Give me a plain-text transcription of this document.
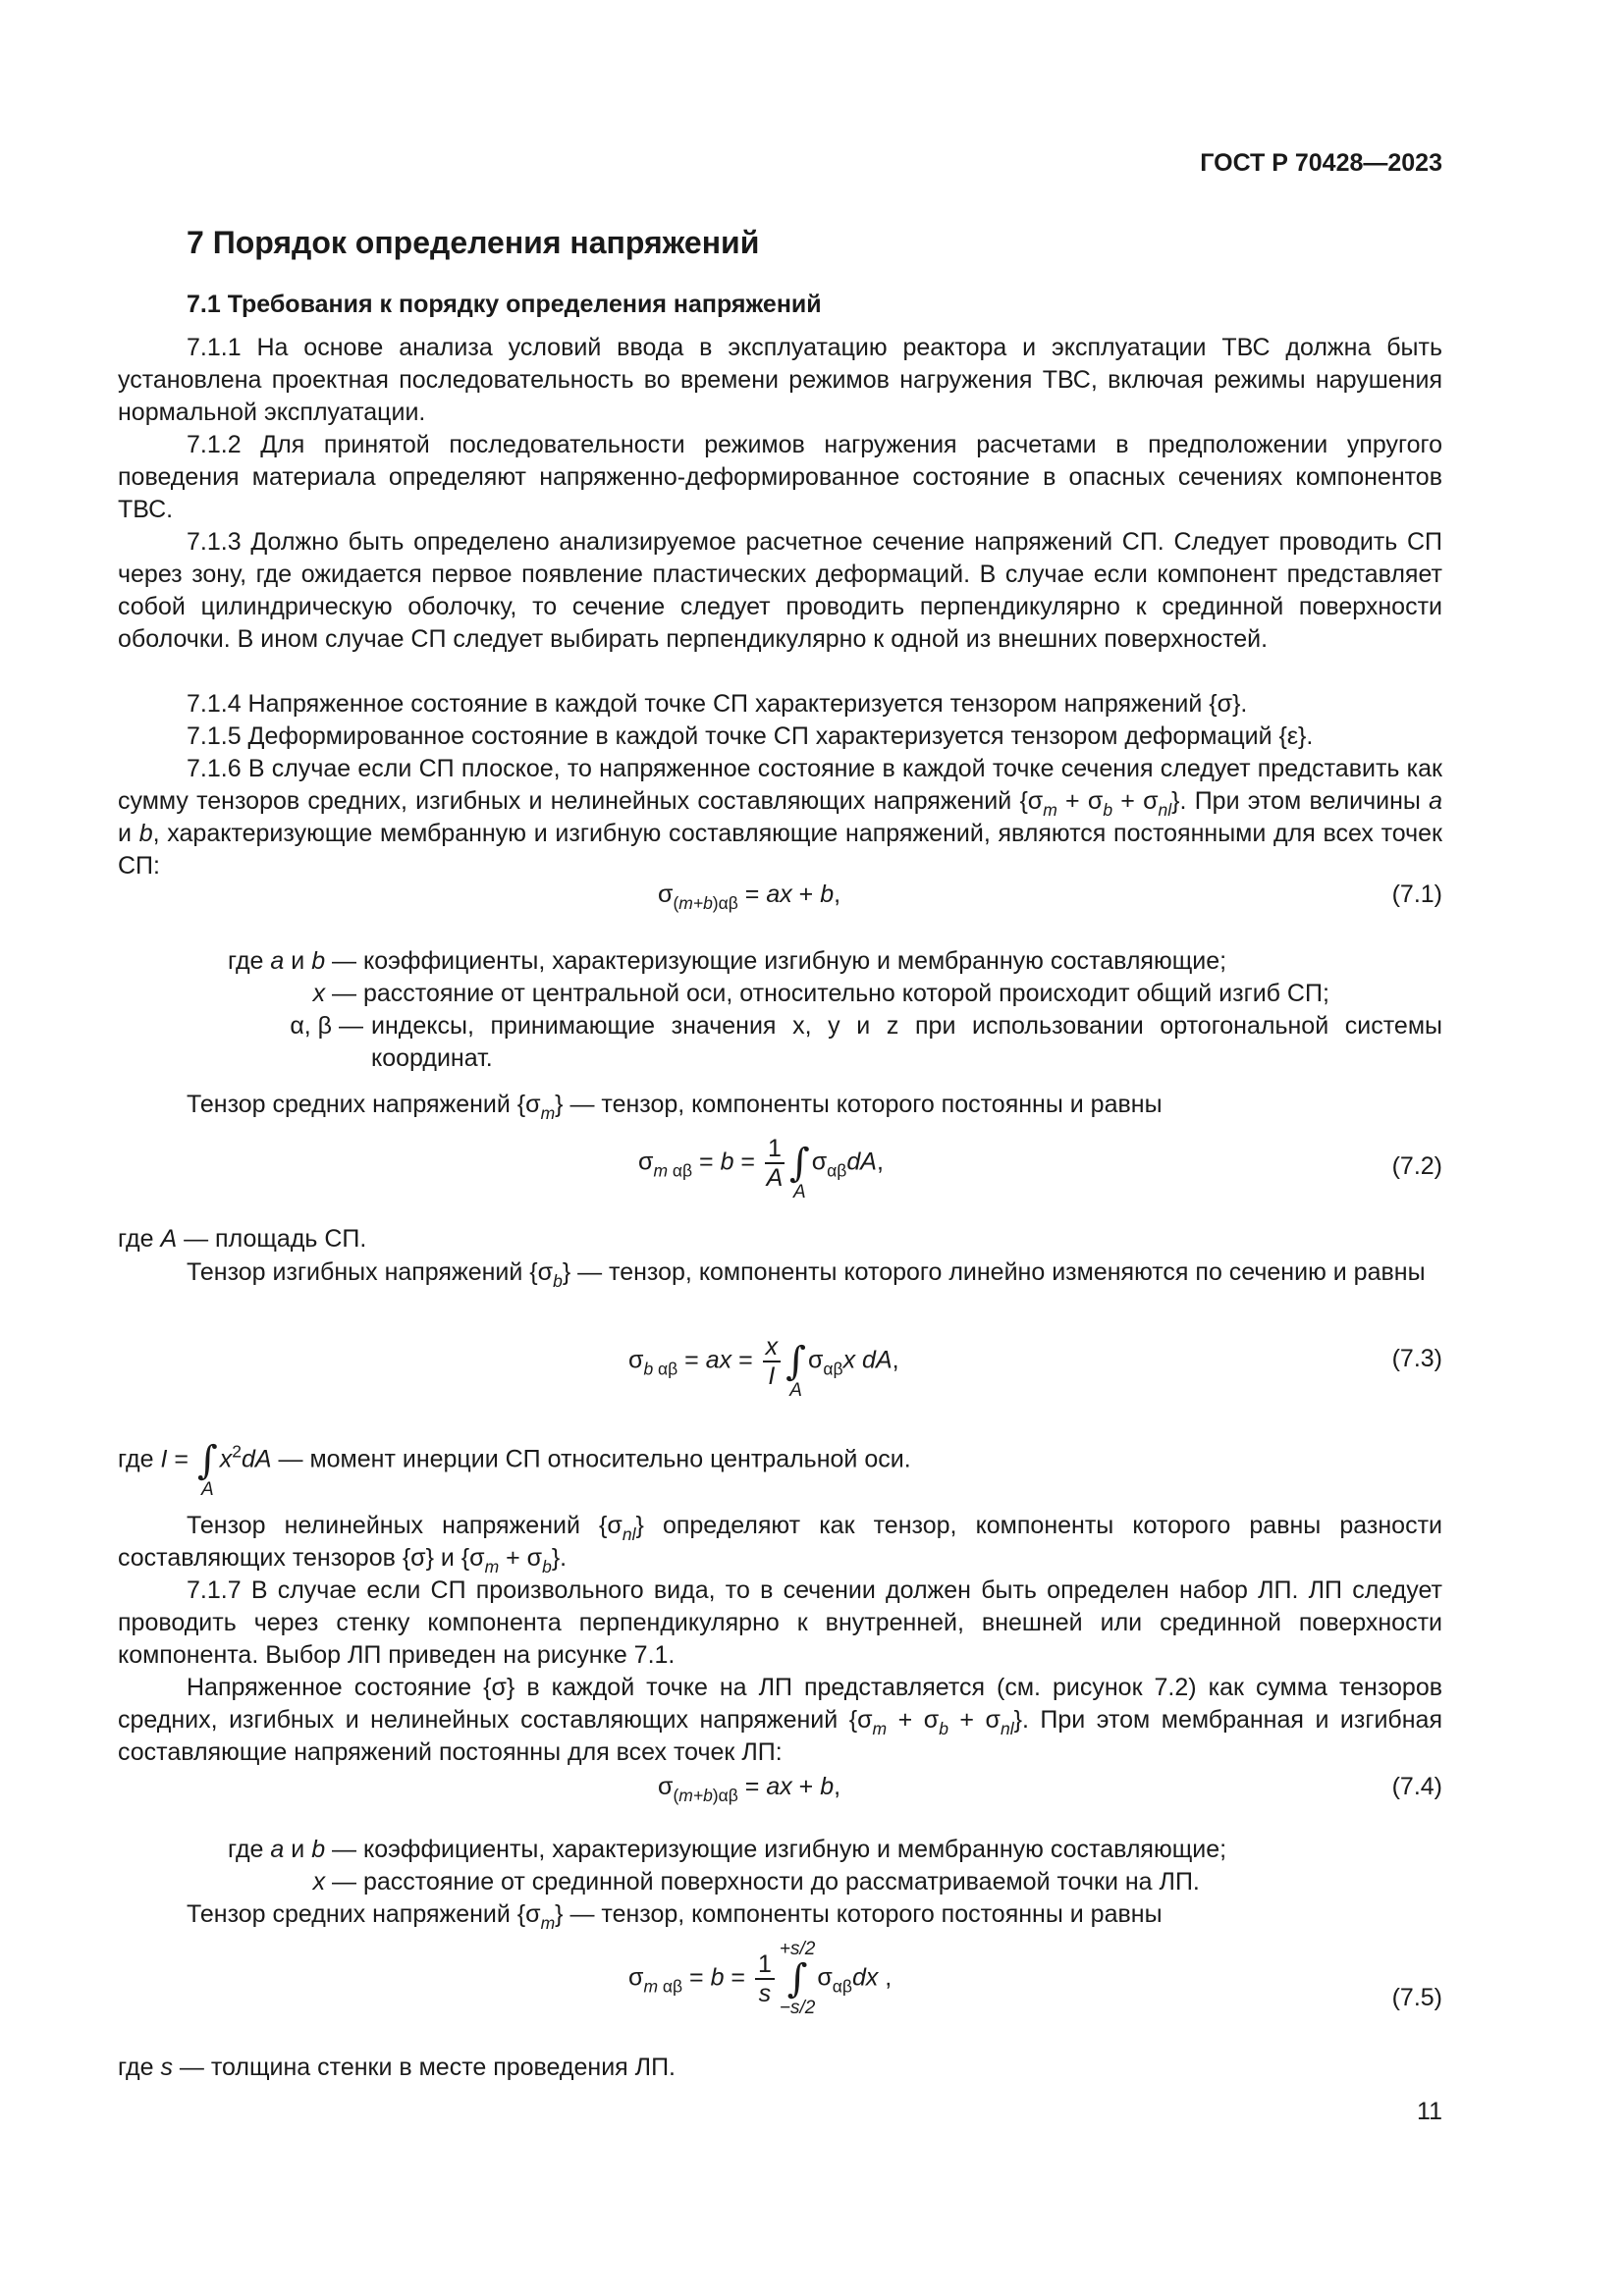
ГОСТ Р 70428—2023
7 Порядок определения напряжений
7.1 Требования к порядку определения напряжений
7.1.1 На основе анализа условий ввода в эксплуатацию реактора и эксплуатации ТВС должна быть установлена проектная последовательность во времени режимов нагружения ТВС, включая режимы нарушения нормальной эксплуатации.
7.1.2 Для принятой последовательности режимов нагружения расчетами в предположении упругого поведения материала определяют напряженно-деформированное состояние в опасных сечениях компонентов ТВС.
7.1.3 Должно быть определено анализируемое расчетное сечение напряжений СП. Следует проводить СП через зону, где ожидается первое появление пластических деформаций. В случае если компонент представляет собой цилиндрическую оболочку, то сечение следует проводить перпендикулярно к срединной поверхности оболочки. В ином случае СП следует выбирать перпендикулярно к одной из внешних поверхностей.
7.1.4 Напряженное состояние в каждой точке СП характеризуется тензором напряжений {σ}.
7.1.5 Деформированное состояние в каждой точке СП характеризуется тензором деформаций {ε}.
7.1.6 В случае если СП плоское, то напряженное состояние в каждой точке сечения следует представить как сумму тензоров средних, изгибных и нелинейных составляющих напряжений $\{\sigma_m + \sigma_b + \sigma_{nl}\}$. При этом величины a и b, характеризующие мембранную и изгибную составляющие напряжений, являются постоянными для всех точек СП:
$\sigma_{(m+b)\alpha\beta}$ = ax + b,	(7.1)
где a и b — коэффициенты, характеризующие изгибную и мембранную составляющие;
x — расстояние от центральной оси, относительно которой происходит общий изгиб СП;
α, β — индексы, принимающие значения x, y и z при использовании ортогональной системы координат.
Тензор средних напряжений $\{\sigma_m\}$ — тензор, компоненты которого постоянны и равны
$\sigma_{m \alpha\beta} = b = \frac{1}{A}$ ∫
A
$\sigma_{\alpha\beta}dA$,	(7.2)
где A — площадь СП.
Тензор изгибных напряжений $\{\sigma_b\}$ — тензор, компоненты которого линейно изменяются по сечению и равны
$\sigma_{b \alpha\beta}$ = ax = $\frac{x}{I}$ ∫
A
$\sigma_{\alpha\beta}x$ dA,	(7.3)
где I = ∫
A
$x^2dA$ — момент инерции СП относительно центральной оси.
Тензор нелинейных напряжений $\{\sigma_{nl}\}$ определяют как тензор, компоненты которого равны разности составляющих тензоров {σ} и $\{\sigma_m + \sigma_b\}$.
7.1.7 В случае если СП произвольного вида, то в сечении должен быть определен набор ЛП. ЛП следует проводить через стенку компонента перпендикулярно к внутренней, внешней или срединной поверхности компонента. Выбор ЛП приведен на рисунке 7.1.
Напряженное состояние {σ} в каждой точке на ЛП представляется (см. рисунок 7.2) как сумма тензоров средних, изгибных и нелинейных составляющих напряжений $\{\sigma_m + \sigma_b + \sigma_{nl}\}$. При этом мембранная и изгибная составляющие напряжений постоянны для всех точек ЛП:
$\sigma_{(m+b)\alpha\beta}$ = ax + b,	(7.4)
где a и b — коэффициенты, характеризующие изгибную и мембранную составляющие;
x — расстояние от срединной поверхности до рассматриваемой точки на ЛП.
Тензор средних напряжений $\{\sigma_m\}$ — тензор, компоненты которого постоянны и равны
$\sigma_{m \alpha\beta} = b = \frac{1}{s}$
+s/2
∫
−s/2
$\sigma_{\alpha\beta}dx$ ,
(7.5)
где s — толщина стенки в месте проведения ЛП.
11
